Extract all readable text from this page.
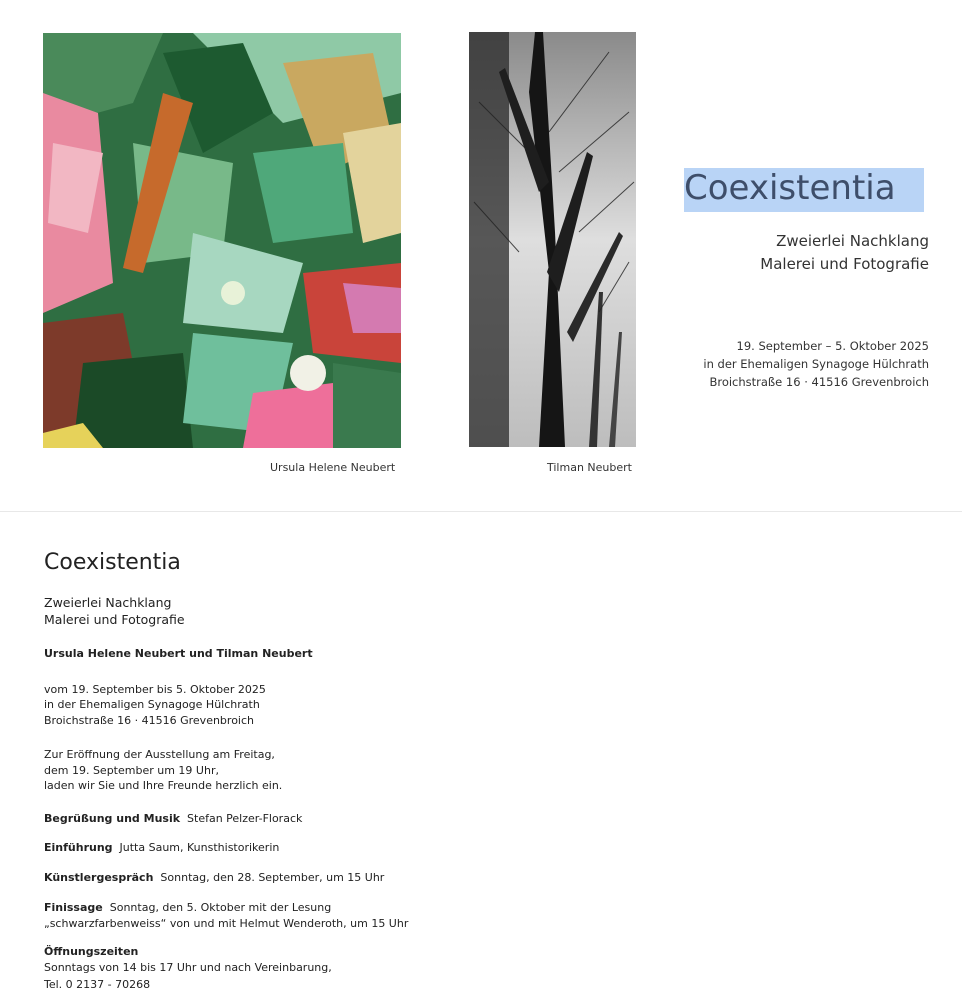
Ursula Helene Neubert	Tilman Neubert
Coexistentia
Zweierlei Nachklang
Malerei und Fotografie
19. September – 5. Oktober 2025
in der Ehemaligen Synagoge Hülchrath
Broichstraße 16 · 41516 Grevenbroich
Coexistentia
Zweierlei Nachklang
Malerei und Fotografie
Ursula Helene Neubert und Tilman Neubert
vom 19. September bis 5. Oktober 2025
in der Ehemaligen Synagoge Hülchrath
Broichstraße 16 · 41516 Grevenbroich
Zur Eröffnung der Ausstellung am Freitag,
dem 19. September um 19 Uhr,
laden wir Sie und Ihre Freunde herzlich ein.
Begrüßung und Musik Stefan Pelzer-Florack
Einführung Jutta Saum, Kunsthistorikerin
Künstlergespräch Sonntag, den 28. September, um 15 Uhr
Finissage Sonntag, den 5. Oktober mit der Lesung
„schwarzfarbenweiss“ von und mit Helmut Wenderoth, um 15 Uhr
Öffnungszeiten
Sonntags von 14 bis 17 Uhr und nach Vereinbarung,
Tel. 0 2137 - 70268
